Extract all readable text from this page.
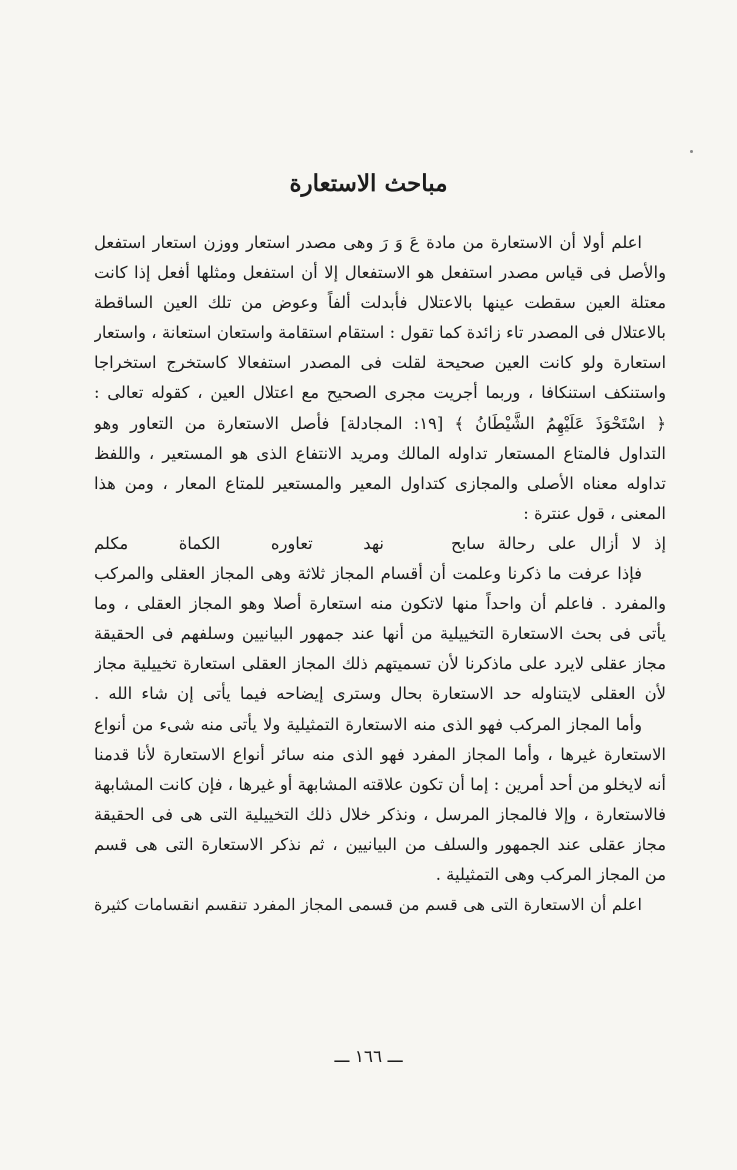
مباحث الاستعارة
اعلم أولا أن الاستعارة من مادة عَ وَ رَ وهى مصدر استعار ووزن استعار استفعل
والأصل فى قياس مصدر استفعل هو الاستفعال إلا أن استفعل ومثلها أفعل إذا كانت
معتلة العين سقطت عينها بالاعتلال فأبدلت ألفاً وعوض من تلك العين الساقطة
بالاعتلال فى المصدر تاء زائدة كما تقول : استقام استقامة واستعان استعانة ، واستعار
استعارة ولو كانت العين صحيحة لقلت فى المصدر استفعالا كاستخرج استخراجا
واستنكف استنكافا ، وربما أجريت مجرى الصحيح مع اعتلال العين ، كقوله تعالى :
﴿ اسْتَحْوَذَ عَلَيْهِمُ الشَّيْطَانُ ﴾ [١٩: المجادلة] فأصل الاستعارة من التعاور وهو
التداول فالمتاع المستعار تداوله المالك ومريد الانتفاع الذى هو المستعير ، واللفظ
تداوله معناه الأصلى والمجازى كتداول المعير والمستعير للمتاع المعار ، ومن هذا
المعنى ، قول عنترة :
إذ لا أزال على رحالة سابح
نهد تعاوره الكماة مكلم
فإذا عرفت ما ذكرنا وعلمت أن أقسام المجاز ثلاثة وهى المجاز العقلى والمركب
والمفرد . فاعلم أن واحداً منها لاتكون منه استعارة أصلا وهو المجاز العقلى ، وما
يأتى فى بحث الاستعارة التخييلية من أنها عند جمهور البيانيين وسلفهم فى الحقيقة
مجاز عقلى لايرد على ماذكرنا لأن تسميتهم ذلك المجاز العقلى استعارة تخييلية مجاز
لأن العقلى لايتناوله حد الاستعارة بحال وسترى إيضاحه فيما يأتى إن شاء الله .
وأما المجاز المركب فهو الذى منه الاستعارة التمثيلية ولا يأتى منه شىء من أنواع
الاستعارة غيرها ، وأما المجاز المفرد فهو الذى منه سائر أنواع الاستعارة لأنا قدمنا
أنه لايخلو من أحد أمرين : إما أن تكون علاقته المشابهة أو غيرها ، فإن كانت المشابهة
فالاستعارة ، وإلا فالمجاز المرسل ، ونذكر خلال ذلك التخييلية التى هى فى الحقيقة
مجاز عقلى عند الجمهور والسلف من البيانيين ، ثم نذكر الاستعارة التى هى قسم
من المجاز المركب وهى التمثيلية .
اعلم أن الاستعارة التى هى قسم من قسمى المجاز المفرد تنقسم انقسامات كثيرة
ـــ ١٦٦ ـــ
